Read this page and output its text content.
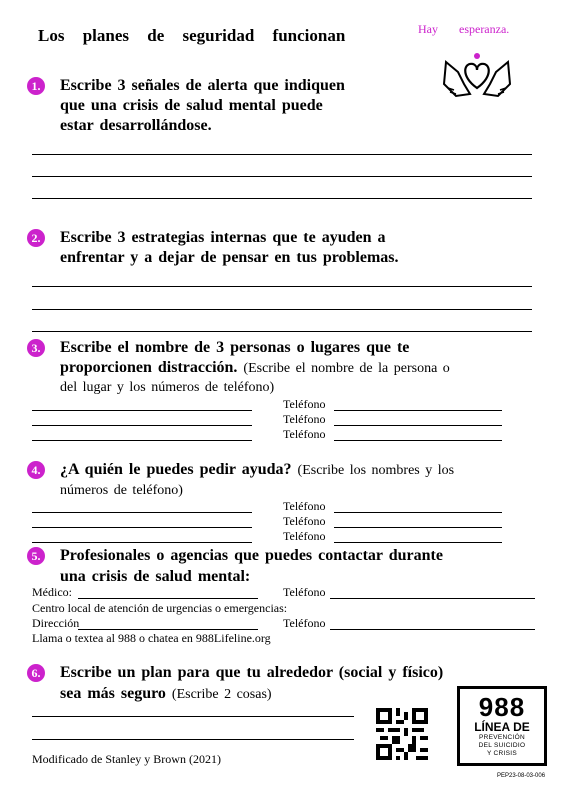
Los planes de seguridad funcionan	Hay esperanza.
1. Escribe 3 señales de alerta que indiquen
que una crisis de salud mental puede
estar desarrollándose.
2. Escribe 3 estrategias internas que te ayuden a
enfrentar y a dejar de pensar en tus problemas.
3. Escribe el nombre de 3 personas o lugares que te
proporcionen distracción. (Escribe el nombre de la persona o
del lugar y los números de teléfono)
Teléfono
Teléfono
Teléfono
4. ¿A quién le puedes pedir ayuda? (Escribe los nombres y los
números de teléfono)
Teléfono
Teléfono
Teléfono
5. Profesionales o agencias que puedes contactar durante
una crisis de salud mental:
Médico:	Teléfono
Centro local de atención de urgencias o emergencias:
Dirección	Teléfono
Llama o textea al 988 o chatea en 988Lifeline.org
6. Escribe un plan para que tu alrededor (social y físico)
sea más seguro (Escribe 2 cosas)	988
LÍNEA DE
PREVENCIÓN
DEL SUICIDIO
Y CRISIS
Modificado de Stanley y Brown (2021)
PEP23-08-03-006
